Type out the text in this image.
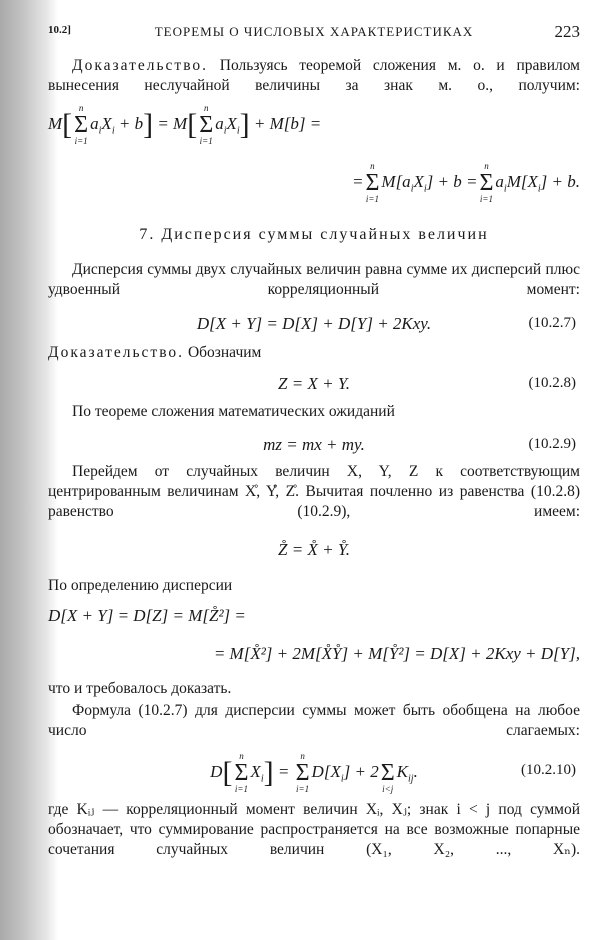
10.2]	ТЕОРЕМЫ О ЧИСЛОВЫХ ХАРАКТЕРИСТИКАХ	223
Доказательство. Пользуясь теоремой сложения м. о. и правилом вынесения неслучайной величины за знак м. о., получим:
M[ n
Σ
i=1
$a_iX_i + b] = M$[ n
Σ
i=1
$a_iX_i] + M[b]$ =
=
n
Σ
i=1
$M[a_iX_i] + b$ =
n
Σ
i=1
$a_iM[X_i] + b$.
7. Дисперсия суммы случайных величин
Дисперсия суммы двух случайных величин равна сумме их дисперсий плюс удвоенный корреляционный момент:
D[X + Y] = D[X] + D[Y] + 2Kxy.	(10.2.7)
Доказательство. Обозначим
Z = X + Y.	(10.2.8)
По теореме сложения математических ожиданий
mz = mx + my.	(10.2.9)
Перейдем от случайных величин X, Y, Z к соответствующим центрированным величинам X̊, Y̊, Z̊. Вычитая почленно из равенства (10.2.8) равенство (10.2.9), имеем:
Z̊ = X̊ + Y̊.
По определению дисперсии
D[X + Y] = D[Z] = M[Z̊²] =
= M[X̊²] + 2M[X̊Y̊] + M[Y̊²] = D[X] + 2Kxy + D[Y],
что и требовалось доказать.
Формула (10.2.7) для дисперсии суммы может быть обобщена на любое число слагаемых:
D[ n
Σ
i=1
$X_i$] =
n
Σ
i=1
$D[X_i] + 2$
Σ
i<j
$K_{ij}$.	(10.2.10)
где Kᵢⱼ — корреляционный момент величин Xᵢ, Xⱼ; знак i < j под суммой обозначает, что суммирование распространяется на все возможные попарные сочетания случайных величин (X₁, X₂, ..., Xₙ).
